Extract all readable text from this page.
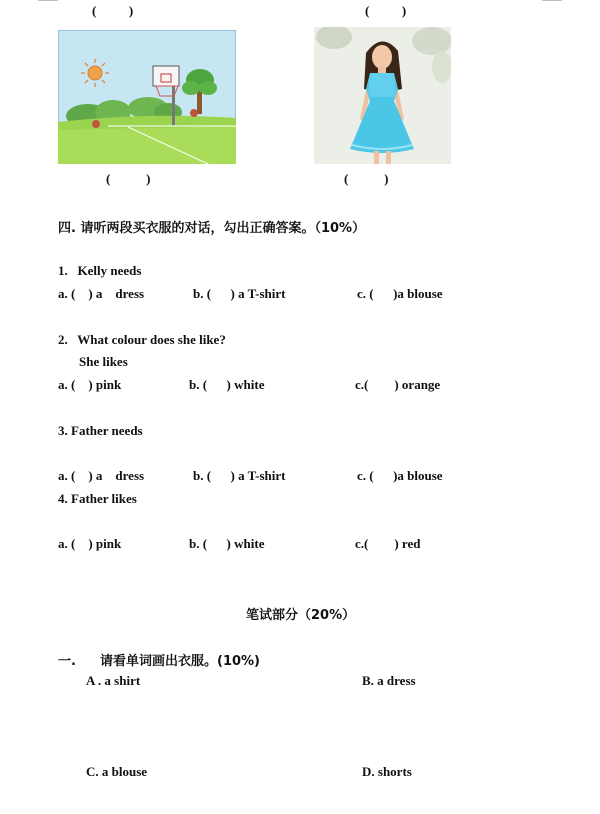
(          )	(          )
(           )	(           )
四. 请听两段买衣服的对话，勾出正确答案。（10%）
1.   Kelly needs
a. (    ) a    dress	b. (      ) a T-shirt	c. (      )a blouse
2.   What colour does she like?
She likes
a. (    ) pink	b. (      ) white	c.(        ) orange
3. Father needs
a. (    ) a    dress	b. (      ) a T-shirt	c. (      )a blouse
4. Father likes
a. (    ) pink	b. (      ) white	c.(        ) red
笔试部分（20%）
一. 请看单词画出衣服。(10%)
A . a shirt	B. a dress
C. a blouse	D. shorts
